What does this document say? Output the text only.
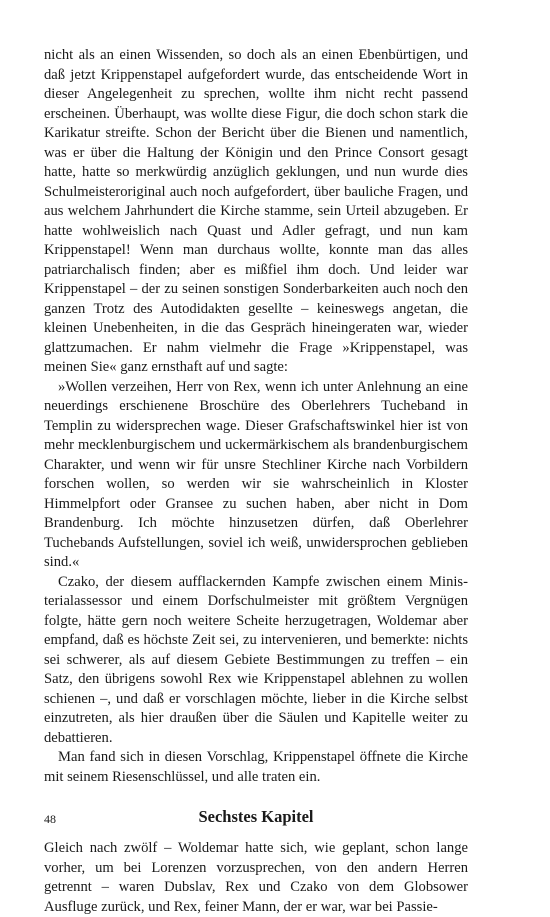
nicht als an einen Wissenden, so doch als an einen Ebenbürtigen, und daß jetzt Krippenstapel aufgefordert wurde, das entscheidende Wort in dieser Angelegenheit zu sprechen, wollte ihm nicht recht passend erscheinen. Überhaupt, was wollte diese Figur, die doch schon stark die Karikatur streifte. Schon der Bericht über die Bienen und namentlich, was er über die Haltung der Königin und den Prince Consort gesagt hatte, hatte so merkwürdig anzüglich geklungen, und nun wurde dies Schulmeisteroriginal auch noch aufgefordert, über bauliche Fragen, und aus welchem Jahrhundert die Kirche stamme, sein Urteil abzugeben. Er hatte wohlweislich nach Quast und Adler gefragt, und nun kam Krippenstapel! Wenn man durchaus wollte, konnte man das alles patriarchalisch finden; aber es mißfiel ihm doch. Und leider war Krippenstapel – der zu seinen sonstigen Sonderbarkeiten auch noch den ganzen Trotz des Autodidakten gesellte – keineswegs angetan, die kleinen Unebenheiten, in die das Gespräch hineingeraten war, wieder glattzumachen. Er nahm vielmehr die Frage »Krippenstapel, was meinen Sie« ganz ernsthaft auf und sagte:

»Wollen verzeihen, Herr von Rex, wenn ich unter Anlehnung an eine neuerdings erschienene Broschüre des Oberlehrers Tucheband in Templin zu widersprechen wage. Dieser Grafschaftswinkel hier ist von mehr mecklenburgischem und uckermärkischem als brandenburgischem Charakter, und wenn wir für unsre Stechliner Kirche nach Vorbildern forschen wollen, so werden wir sie wahrscheinlich in Kloster Himmelpfort oder Gransee zu suchen haben, aber nicht in Dom Brandenburg. Ich möchte hinzusetzen dürfen, daß Oberlehrer Tuchebands Aufstellungen, soviel ich weiß, unwidersprochen geblieben sind.«

Czako, der diesem aufflackernden Kampfe zwischen einem Ministerialassessor und einem Dorfschulmeister mit größtem Vergnügen folgte, hätte gern noch weitere Scheite herzugetragen, Woldemar aber empfand, daß es höchste Zeit sei, zu intervenieren, und bemerkte: nichts sei schwerer, als auf diesem Gebiete Bestimmungen zu treffen – ein Satz, den übrigens sowohl Rex wie Krippenstapel ablehnen zu wollen schienen –, und daß er vorschlagen möchte, lieber in die Kirche selbst einzutreten, als hier draußen über die Säulen und Kapitelle weiter zu debattieren.

Man fand sich in diesen Vorschlag, Krippenstapel öffnete die Kirche mit seinem Riesenschlüssel, und alle traten ein.

Sechstes Kapitel

Gleich nach zwölf – Woldemar hatte sich, wie geplant, schon lange vorher, um bei Lorenzen vorzusprechen, von den andern Herren getrennt – waren Dubslav, Rex und Czako von dem Globsower Ausfluge zurück, und Rex, feiner Mann, der er war, war bei Passie-

48
